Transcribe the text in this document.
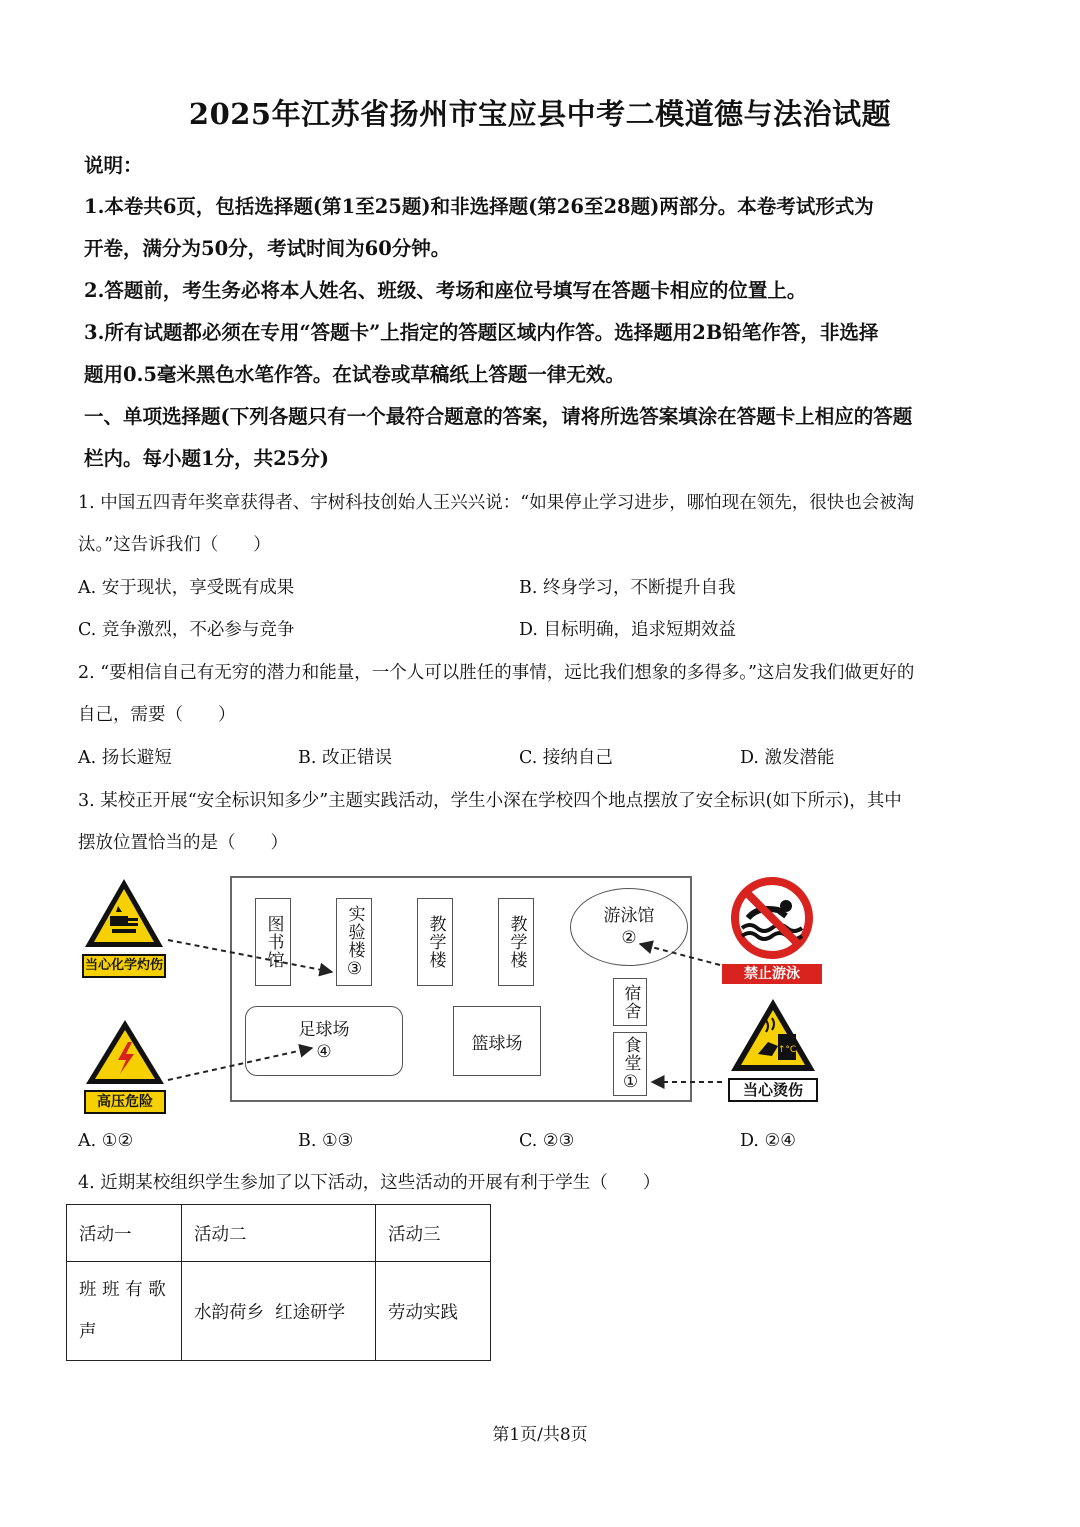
2025年江苏省扬州市宝应县中考二模道德与法治试题
说明：
1.本卷共6页，包括选择题(第1至25题)和非选择题(第26至28题)两部分。本卷考试形式为
开卷，满分为50分，考试时间为60分钟。
2.答题前，考生务必将本人姓名、班级、考场和座位号填写在答题卡相应的位置上。
3.所有试题都必须在专用“答题卡”上指定的答题区域内作答。选择题用2B铅笔作答，非选择
题用0.5毫米黑色水笔作答。在试卷或草稿纸上答题一律无效。
一、单项选择题(下列各题只有一个最符合题意的答案，请将所选答案填涂在答题卡上相应的答题
栏内。每小题1分，共25分)
1. 中国五四青年奖章获得者、宇树科技创始人王兴兴说：“如果停止学习进步，哪怕现在领先，很快也会被淘
汰。”这告诉我们（　　）
A. 安于现状，享受既有成果	B. 终身学习，不断提升自我
C. 竞争激烈，不必参与竞争	D. 目标明确，追求短期效益
2. “要相信自己有无穷的潜力和能量，一个人可以胜任的事情，远比我们想象的多得多。”这启发我们做更好的
自己，需要（　　）
A. 扬长避短	B. 改正错误	C. 接纳自己	D. 激发潜能
3. 某校正开展“安全标识知多少”主题实践活动，学生小深在学校四个地点摆放了安全标识(如下所示)，其中
摆放位置恰当的是（　　）
图书馆	实验楼③	教学楼	教学楼	游泳馆
②
宿舍
食堂①
足球场
④	篮球场
当心化学灼伤
高压危险
禁止游泳
↑°C
当心烫伤
A. ①②	B. ①③	C. ②③	D. ②④
4. 近期某校组织学生参加了以下活动，这些活动的开展有利于学生（　　）
活动一	活动二	活动三
班 班 有 歌 声	水韵荷乡  红途研学	劳动实践
第1页/共8页
